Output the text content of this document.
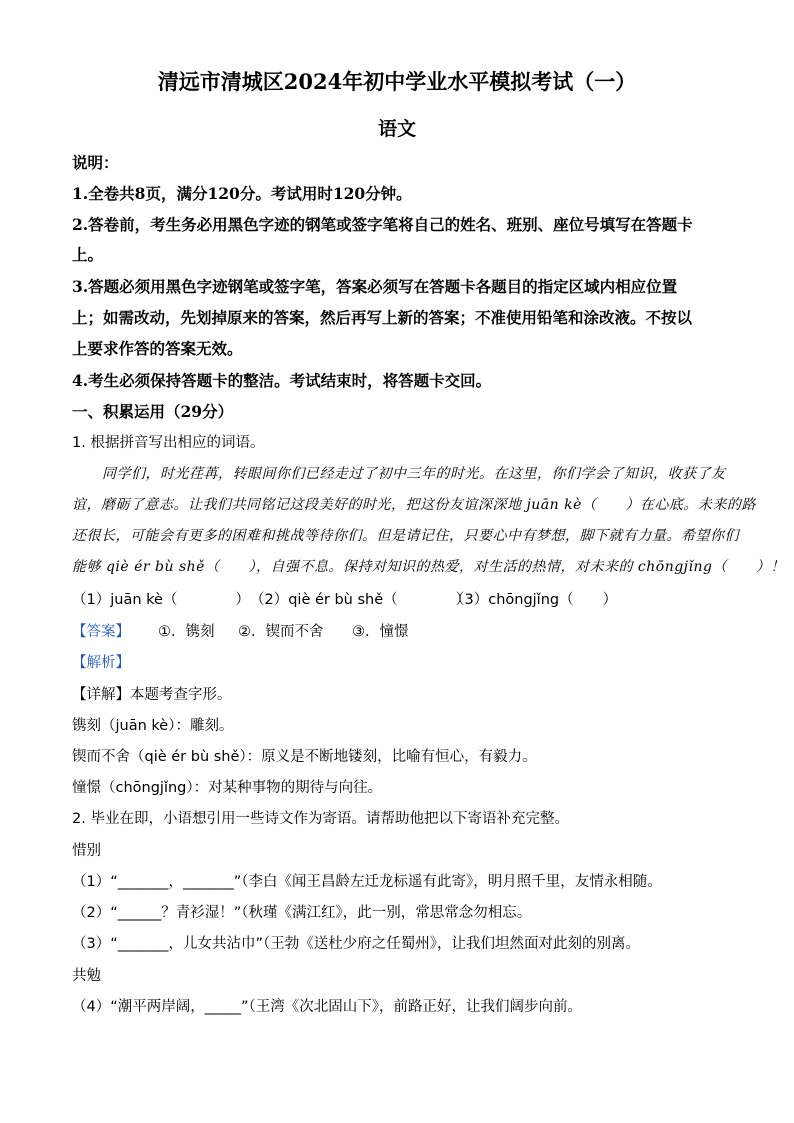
清远市清城区2024年初中学业水平模拟考试（一）
语文
说明：
1.全卷共8页，满分120分。考试用时120分钟。
2.答卷前，考生务必用黑色字迹的钢笔或签字笔将自己的姓名、班别、座位号填写在答题卡
上。
3.答题必须用黑色字迹钢笔或签字笔，答案必须写在答题卡各题目的指定区域内相应位置
上；如需改动，先划掉原来的答案，然后再写上新的答案；不准使用铅笔和涂改液。不按以
上要求作答的答案无效。
4.考生必须保持答题卡的整洁。考试结束时，将答题卡交回。
一、积累运用（29分）
1. 根据拼音写出相应的词语。
同学们，时光荏苒，转眼间你们已经走过了初中三年的时光。在这里，你们学会了知识，收获了友
谊，磨砺了意志。让我们共同铭记这段美好的时光，把这份友谊深深地 juān kè（　　）在心底。未来的路
还很长，可能会有更多的困难和挑战等待你们。但是请记住，只要心中有梦想，脚下就有力量。希望你们
能够 qiè ér bù shě（　　），自强不息。保持对知识的热爱，对生活的热情，对未来的 chōngjǐng（　　）！
（1）juān kè（　　　　） （2）qiè ér bù shě（　　　　）
（3）chōngjǐng（　　）
【答案】 ①．镌刻 ②．锲而不舍 ③．憧憬
【解析】
【详解】本题考查字形。
镌刻（juān kè）：雕刻。
锲而不舍（qiè ér bù shě）：原义是不断地镂刻，比喻有恒心，有毅力。
憧憬（chōngjǐng）：对某种事物的期待与向往。
2. 毕业在即，小语想引用一些诗文作为寄语。请帮助他把以下寄语补充完整。
惜别
（1）“_______，_______”（李白《闻王昌龄左迁龙标遥有此寄》，明月照千里，友情永相随。
（2）“______？青衫湿！”（秋瑾《满江红》，此一别，常思常念勿相忘。
（3）“_______，儿女共沾巾”（王勃《送杜少府之任蜀州》，让我们坦然面对此刻的别离。
共勉
（4）“潮平两岸阔，_____”（王湾《次北固山下》，前路正好，让我们阔步向前。
